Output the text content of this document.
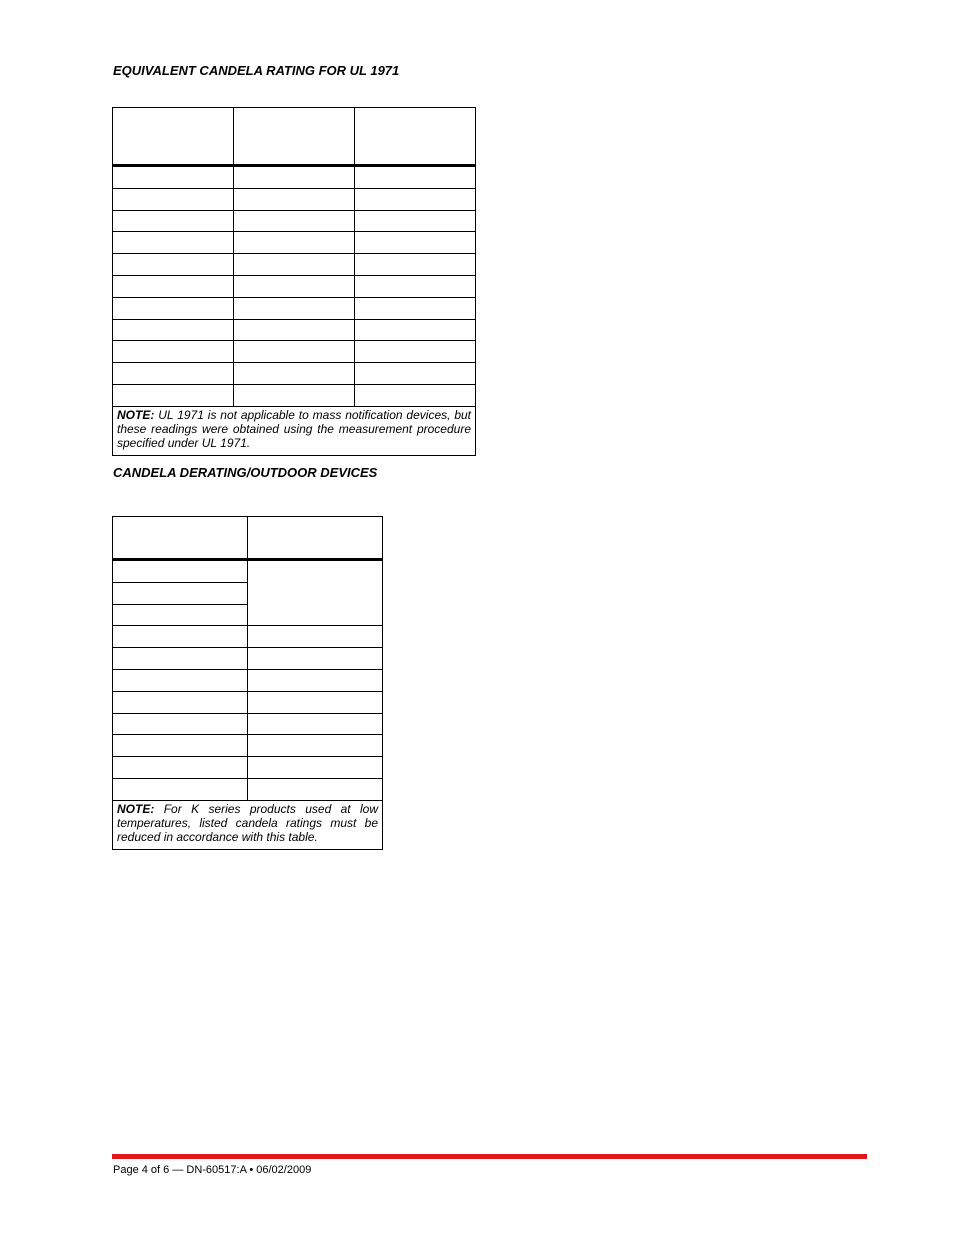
EQUIVALENT CANDELA RATING FOR UL 1971

NOTE: UL 1971 is not applicable to mass notification devices, but these readings were obtained using the measurement procedure specified under UL 1971.		
CANDELA DERATING/OUTDOOR DEVICES

NOTE: For K series products used at low temperatures, listed candela ratings must be reduced in accordance with this table.	
Page 4 of 6 — DN-60517:A • 06/02/2009
